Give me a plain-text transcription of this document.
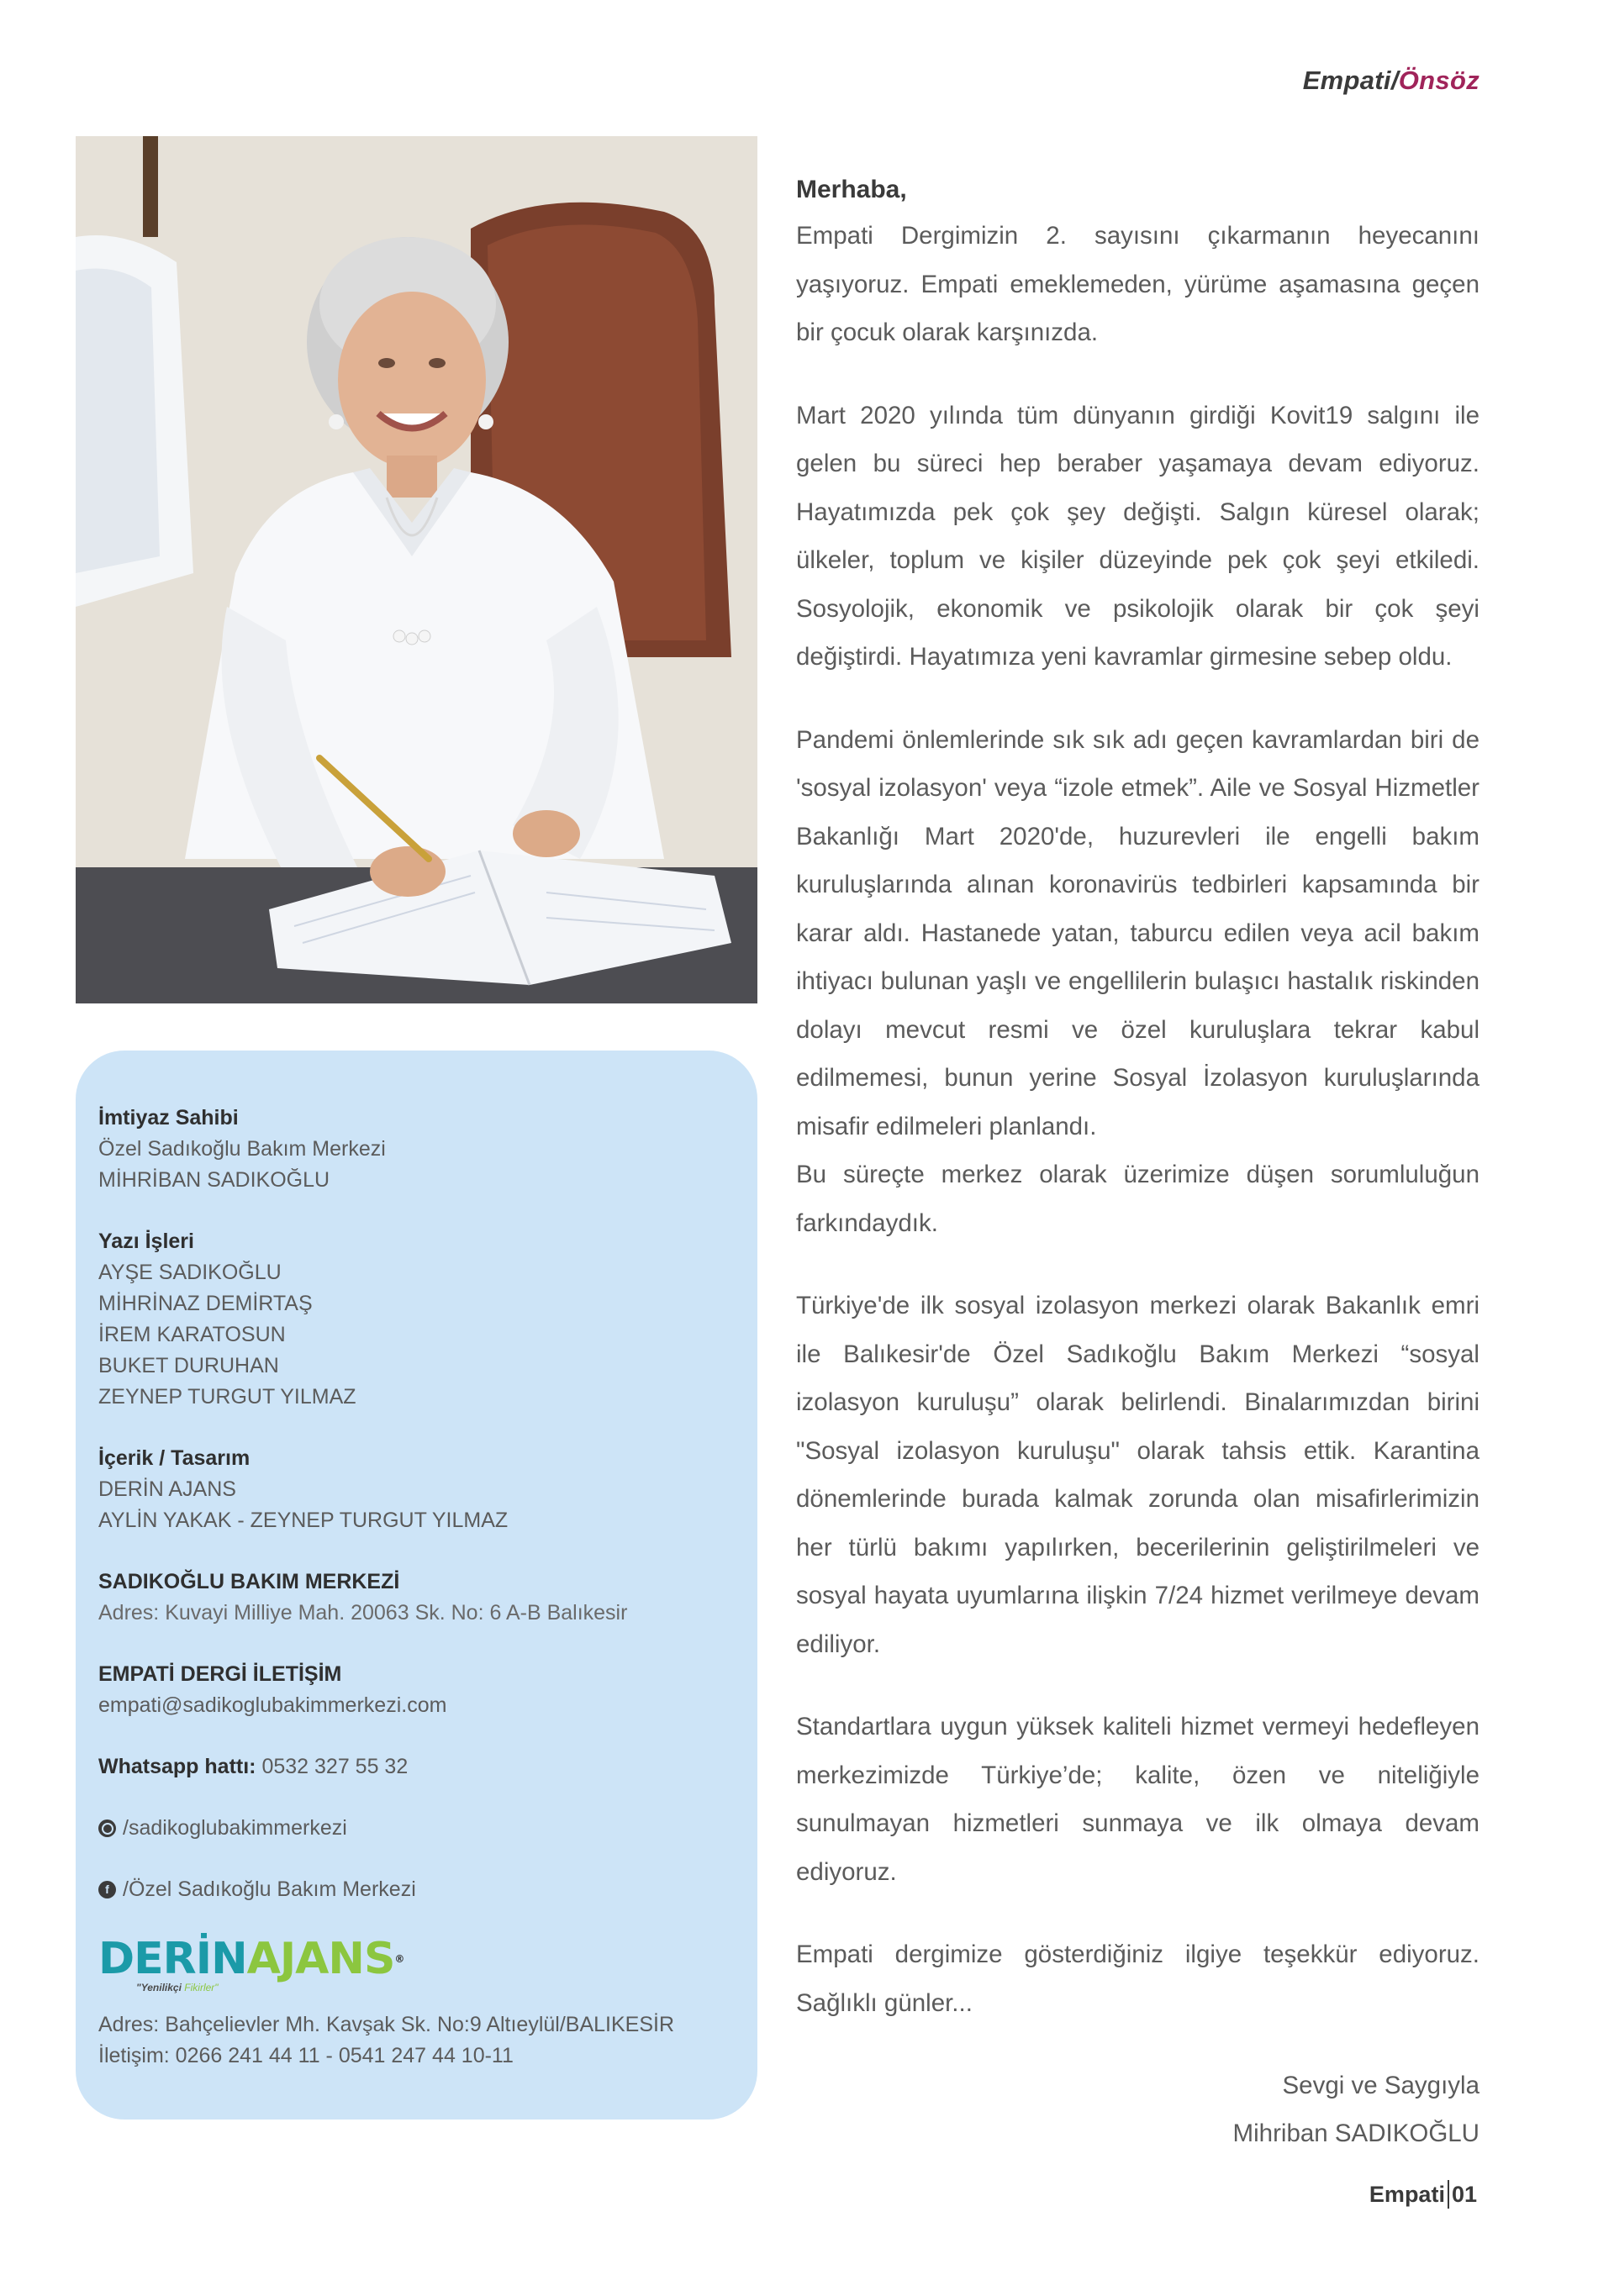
Empati/Önsöz
İmtiyaz Sahibi
Özel Sadıkoğlu Bakım Merkezi
MİHRİBAN SADIKOĞLU
Yazı İşleri
AYŞE SADIKOĞLU
MİHRİNAZ DEMİRTAŞ
İREM KARATOSUN
BUKET DURUHAN
ZEYNEP TURGUT YILMAZ
İçerik / Tasarım
DERİN AJANS
AYLİN YAKAK - ZEYNEP TURGUT YILMAZ
SADIKOĞLU BAKIM MERKEZİ
Adres: Kuvayi Milliye Mah. 20063 Sk. No: 6 A-B Balıkesir
EMPATİ DERGİ İLETİŞİM
empati@sadikoglubakimmerkezi.com
Whatsapp hattı: 0532 327 55 32
/sadikoglubakimmerkezi
f /Özel Sadıkoğlu Bakım Merkezi
DERİNAJANS®
"Yenilikçi Fikirler"
Adres: Bahçelievler Mh. Kavşak Sk. No:9 Altıeylül/BALIKESİR
İletişim: 0266 241 44 11 - 0541 247 44 10-11

Merhaba,

Empati Dergimizin 2. sayısını çıkarmanın heyecanını yaşıyoruz. Empati emeklemeden, yürüme aşamasına geçen bir çocuk olarak karşınızda.

Mart 2020 yılında tüm dünyanın girdiği Kovit19 salgını ile gelen bu süreci hep beraber yaşamaya devam ediyoruz. Hayatımızda pek çok şey değişti. Salgın küresel olarak; ülkeler, toplum ve kişiler düzeyinde pek çok şeyi etkiledi. Sosyolojik, ekonomik ve psikolojik olarak bir çok şeyi değiştirdi. Hayatımıza yeni kavramlar girmesine sebep oldu.

Pandemi önlemlerinde sık sık adı geçen kavramlardan biri de 'sosyal izolasyon' veya “izole etmek”. Aile ve Sosyal Hizmetler Bakanlığı Mart 2020'de, huzurevleri ile engelli bakım kuruluşlarında alınan koronavirüs tedbirleri kapsamında bir karar aldı. Hastanede yatan, taburcu edilen veya acil bakım ihtiyacı bulunan yaşlı ve engellilerin bulaşıcı hastalık riskinden dolayı mevcut resmi ve özel kuruluşlara tekrar kabul edilmemesi, bunun yerine Sosyal İzolasyon kuruluşlarında misafir edilmeleri planlandı.

Bu süreçte merkez olarak üzerimize düşen sorumluluğun farkındaydık.

Türkiye'de ilk sosyal izolasyon merkezi olarak Bakanlık emri ile Balıkesir'de Özel Sadıkoğlu Bakım Merkezi “sosyal izolasyon kuruluşu” olarak belirlendi. Binalarımızdan birini "Sosyal izolasyon kuruluşu" olarak tahsis ettik. Karantina dönemlerinde burada kalmak zorunda olan misafirlerimizin her türlü bakımı yapılırken, becerilerinin geliştirilmeleri ve sosyal hayata uyumlarına ilişkin 7/24 hizmet verilmeye devam ediliyor.

Standartlara uygun yüksek kaliteli hizmet vermeyi hedefleyen merkezimizde Türkiye’de; kalite, özen ve niteliğiyle sunulmayan hizmetleri sunmaya ve ilk olmaya devam ediyoruz.

Empati dergimize gösterdiğiniz ilgiye teşekkür ediyoruz. Sağlıklı günler...

Sevgi ve Saygıyla
Mihriban SADIKOĞLU
Empati 01
